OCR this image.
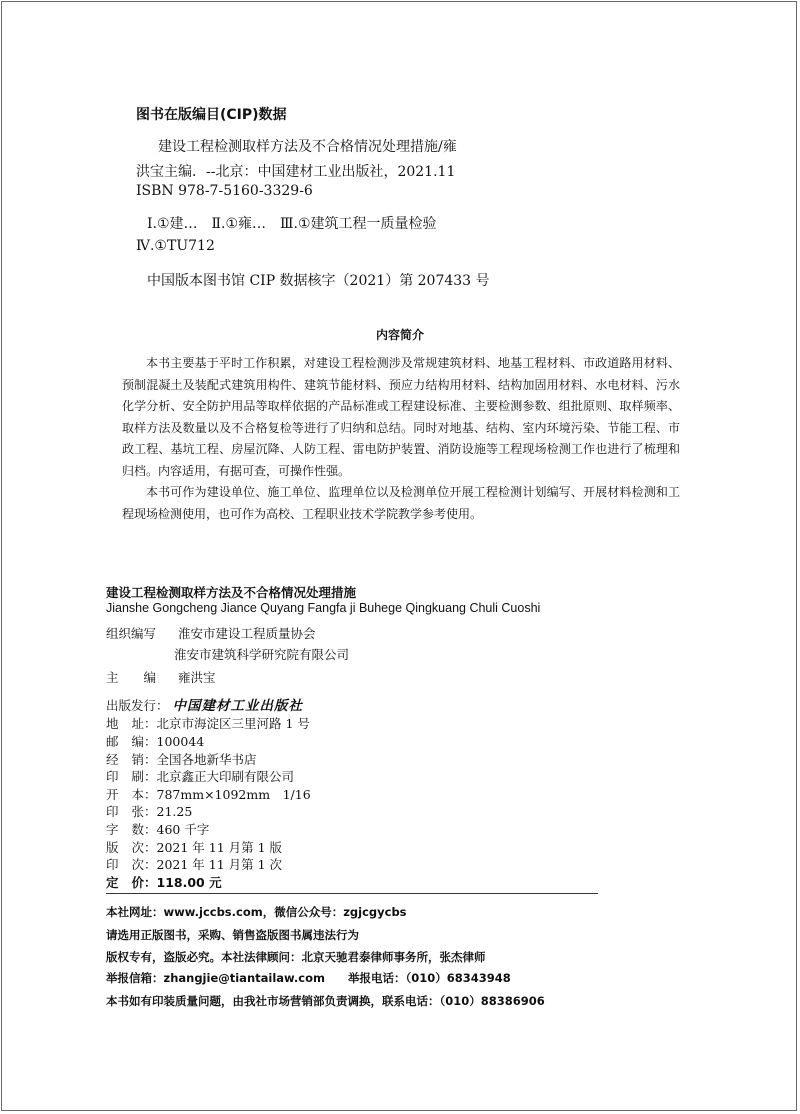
图书在版编目(CIP)数据
建设工程检测取样方法及不合格情况处理措施/雍
洪宝主编．--北京：中国建材工业出版社，2021.11
ISBN 978-7-5160-3329-6
Ⅰ.①建…　Ⅱ.①雍…　Ⅲ.①建筑工程一质量检验
Ⅳ.①TU712
中国版本图书馆 CIP 数据核字（2021）第 207433 号
内容简介

本书主要基于平时工作积累，对建设工程检测涉及常规建筑材料、地基工程材料、市政道路用材料、预制混凝土及装配式建筑用构件、建筑节能材料、预应力结构用材料、结构加固用材料、水电材料、污水化学分析、安全防护用品等取样依据的产品标准或工程建设标准、主要检测参数、组批原则、取样频率、取样方法及数量以及不合格复检等进行了归纳和总结。同时对地基、结构、室内环境污染、节能工程、市政工程、基坑工程、房屋沉降、人防工程、雷电防护装置、消防设施等工程现场检测工作也进行了梳理和归档。内容适用，有据可查，可操作性强。

本书可作为建设单位、施工单位、监理单位以及检测单位开展工程检测计划编写、开展材料检测和工程现场检测使用，也可作为高校、工程职业技术学院教学参考使用。

建设工程检测取样方法及不合格情况处理措施
Jianshe Gongcheng Jiance Quyang Fangfa ji Buhege Qingkuang Chuli Cuoshi
组织编写 淮安市建设工程质量协会
淮安市建筑科学研究院有限公司
主　　编 雍洪宝
出版发行： 中国建材工业出版社
地址：北京市海淀区三里河路 1 号
邮编：100044
经销：全国各地新华书店
印刷：北京鑫正大印刷有限公司
开本：787mm×1092mm　1/16
印张：21.25
字数：460 千字
版次：2021 年 11 月第 1 版
印次：2021 年 11 月第 1 次
定价：118.00 元
本社网址：www.jccbs.com，微信公众号：zgjcgycbs
请选用正版图书，采购、销售盗版图书属违法行为
版权专有，盗版必究。本社法律顾问：北京天驰君泰律师事务所，张杰律师
举报信箱：zhangjie@tiantailaw.com　　举报电话：（010）68343948
本书如有印装质量问题，由我社市场营销部负责调换，联系电话：（010）88386906
